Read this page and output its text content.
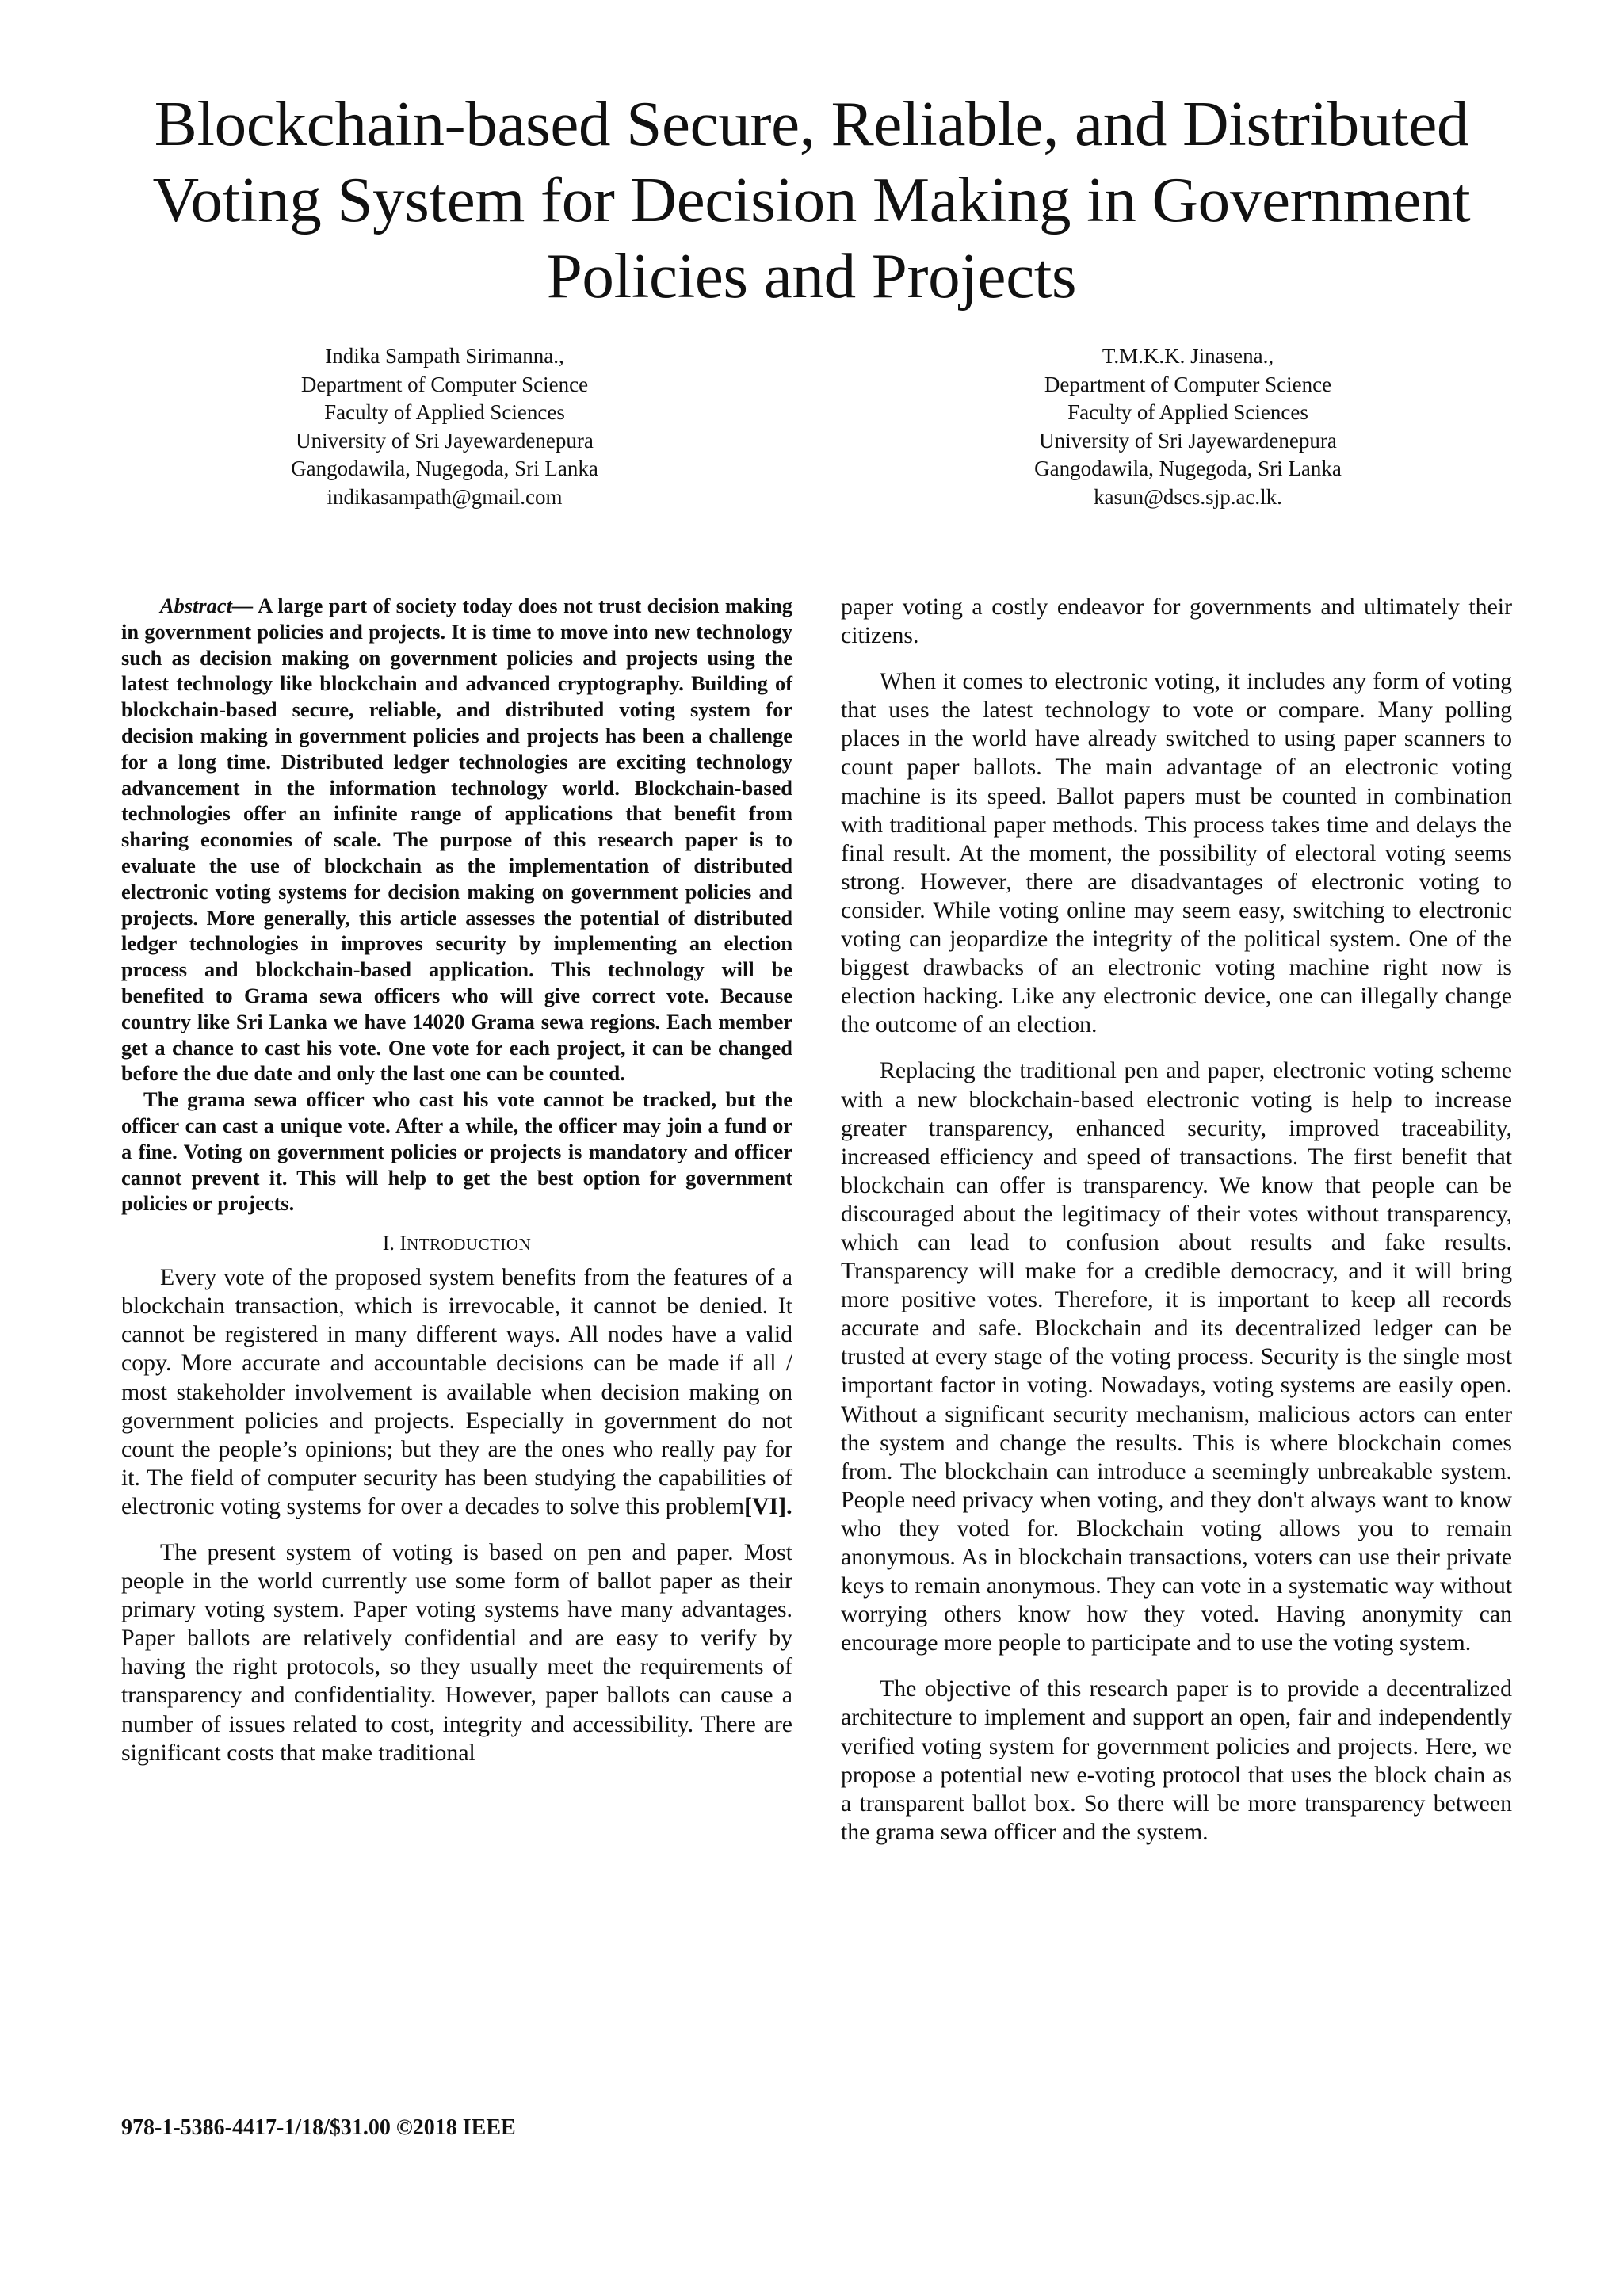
Blockchain-based Secure, Reliable, and Distributed Voting System for Decision Making in Government Policies and Projects
Indika Sampath Sirimanna.,
Department of Computer Science
Faculty of Applied Sciences
University of Sri Jayewardenepura
Gangodawila, Nugegoda, Sri Lanka
indikasampath@gmail.com
T.M.K.K. Jinasena.,
Department of Computer Science
Faculty of Applied Sciences
University of Sri Jayewardenepura
Gangodawila, Nugegoda, Sri Lanka
kasun@dscs.sjp.ac.lk.

Abstract— A large part of society today does not trust decision making in government policies and projects. It is time to move into new technology such as decision making on government policies and projects using the latest technology like blockchain and advanced cryptography. Building of blockchain-based secure, reliable, and distributed voting system for decision making in government policies and projects has been a challenge for a long time. Distributed ledger technologies are exciting technology advancement in the information technology world. Blockchain-based technologies offer an infinite range of applications that benefit from sharing economies of scale. The purpose of this research paper is to evaluate the use of blockchain as the implementation of distributed electronic voting systems for decision making on government policies and projects. More generally, this article assesses the potential of distributed ledger technologies in improves security by implementing an election process and blockchain-based application. This technology will be benefited to Grama sewa officers who will give correct vote. Because country like Sri Lanka we have 14020 Grama sewa regions. Each member get a chance to cast his vote. One vote for each project, it can be changed before the due date and only the last one can be counted.

The grama sewa officer who cast his vote cannot be tracked, but the officer can cast a unique vote. After a while, the officer may join a fund or a fine. Voting on government policies or projects is mandatory and officer cannot prevent it. This will help to get the best option for government policies or projects.

I. INTRODUCTION

Every vote of the proposed system benefits from the features of a blockchain transaction, which is irrevocable, it cannot be denied. It cannot be registered in many different ways. All nodes have a valid copy. More accurate and accountable decisions can be made if all / most stakeholder involvement is available when decision making on government policies and projects. Especially in government do not count the people’s opinions; but they are the ones who really pay for it. The field of computer security has been studying the capabilities of electronic voting systems for over a decades to solve this problem[VI].

The present system of voting is based on pen and paper. Most people in the world currently use some form of ballot paper as their primary voting system. Paper voting systems have many advantages. Paper ballots are relatively confidential and are easy to verify by having the right protocols, so they usually meet the requirements of transparency and confidentiality. However, paper ballots can cause a number of issues related to cost, integrity and accessibility. There are significant costs that make traditional

paper voting a costly endeavor for governments and ultimately their citizens.

When it comes to electronic voting, it includes any form of voting that uses the latest technology to vote or compare. Many polling places in the world have already switched to using paper scanners to count paper ballots. The main advantage of an electronic voting machine is its speed. Ballot papers must be counted in combination with traditional paper methods. This process takes time and delays the final result. At the moment, the possibility of electoral voting seems strong. However, there are disadvantages of electronic voting to consider. While voting online may seem easy, switching to electronic voting can jeopardize the integrity of the political system. One of the biggest drawbacks of an electronic voting machine right now is election hacking. Like any electronic device, one can illegally change the outcome of an election.

Replacing the traditional pen and paper, electronic voting scheme with a new blockchain-based electronic voting is help to increase greater transparency, enhanced security, improved traceability, increased efficiency and speed of transactions. The first benefit that blockchain can offer is transparency. We know that people can be discouraged about the legitimacy of their votes without transparency, which can lead to confusion about results and fake results. Transparency will make for a credible democracy, and it will bring more positive votes. Therefore, it is important to keep all records accurate and safe. Blockchain and its decentralized ledger can be trusted at every stage of the voting process. Security is the single most important factor in voting. Nowadays, voting systems are easily open. Without a significant security mechanism, malicious actors can enter the system and change the results. This is where blockchain comes from. The blockchain can introduce a seemingly unbreakable system. People need privacy when voting, and they don't always want to know who they voted for. Blockchain voting allows you to remain anonymous. As in blockchain transactions, voters can use their private keys to remain anonymous. They can vote in a systematic way without worrying others know how they voted. Having anonymity can encourage more people to participate and to use the voting system.

The objective of this research paper is to provide a decentralized architecture to implement and support an open, fair and independently verified voting system for government policies and projects. Here, we propose a potential new e-voting protocol that uses the block chain as a transparent ballot box. So there will be more transparency between the grama sewa officer and the system.

978-1-5386-4417-1/18/$31.00 ©2018 IEEE
